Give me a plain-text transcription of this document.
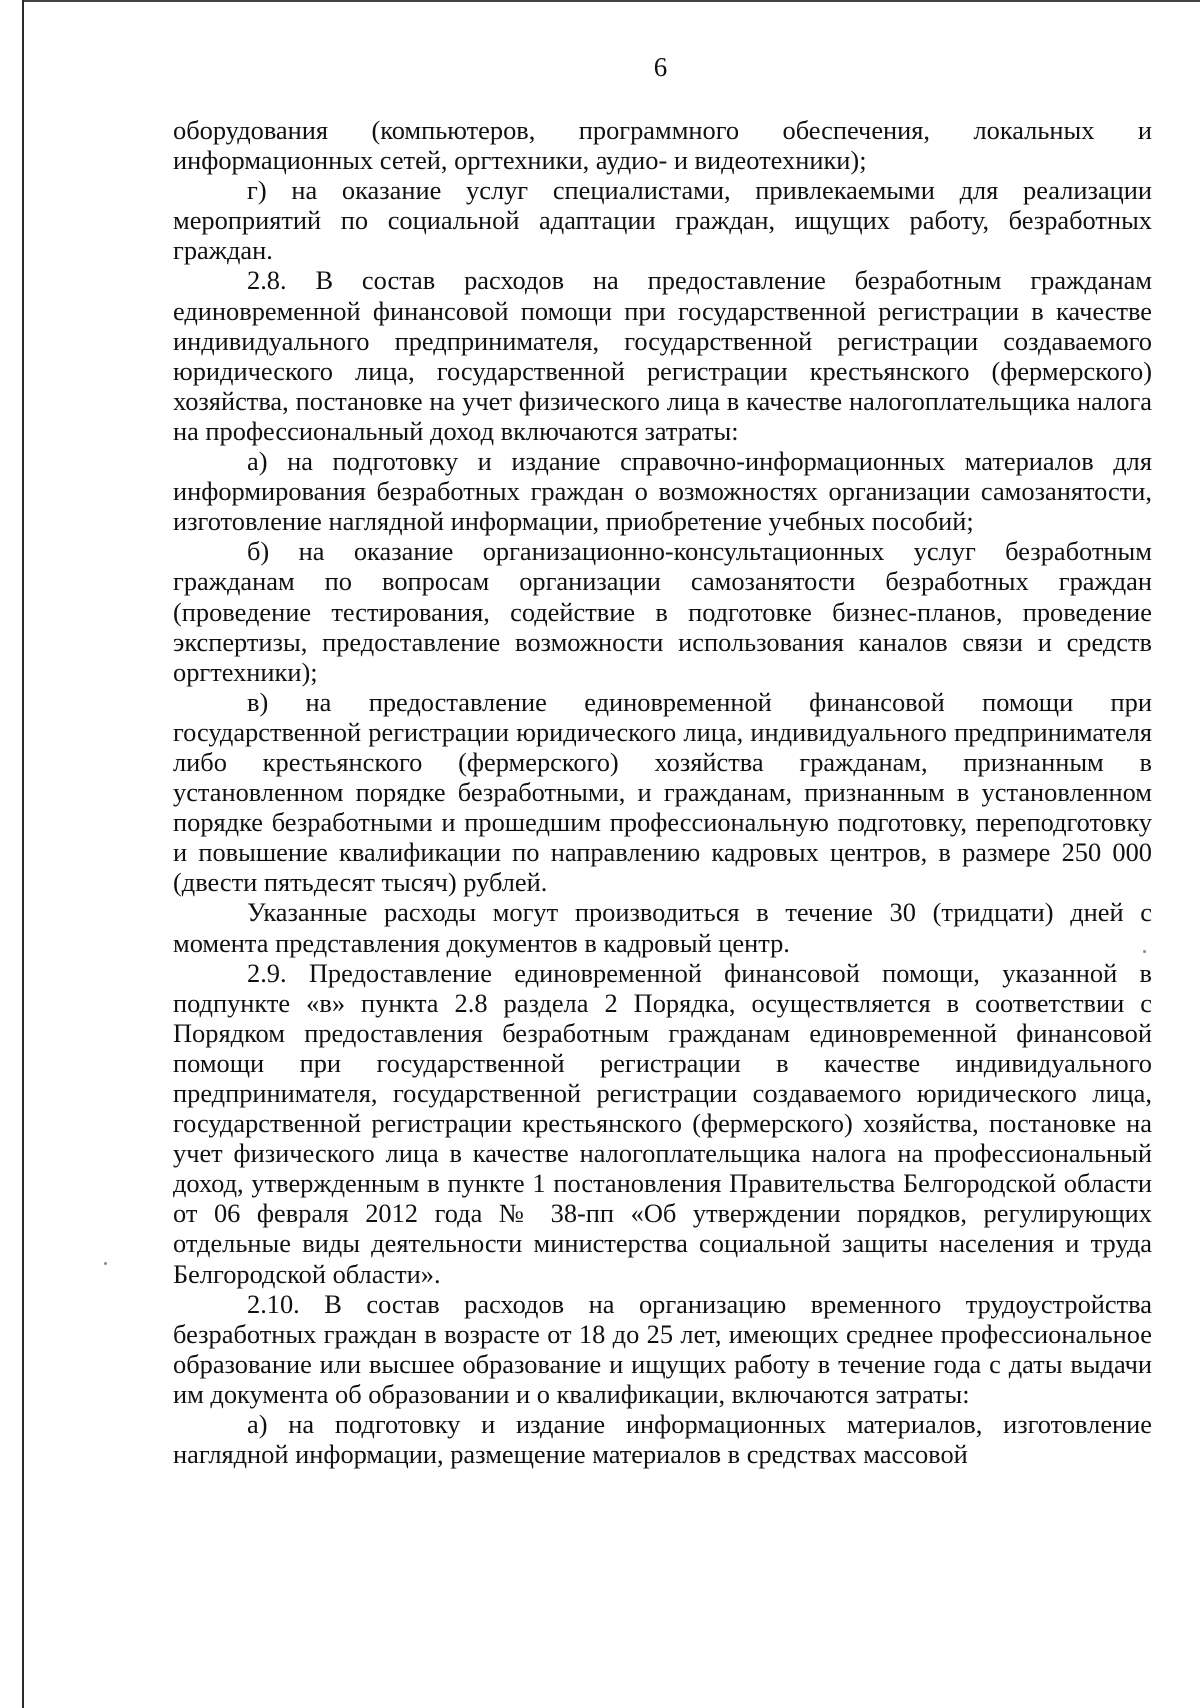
6

оборудования (компьютеров, программного обеспечения, локальных и информационных сетей, оргтехники, аудио- и видеотехники);

г) на оказание услуг специалистами, привлекаемыми для реализации мероприятий по социальной адаптации граждан, ищущих работу, безработных граждан.

2.8. В состав расходов на предоставление безработным гражданам единовременной финансовой помощи при государственной регистрации в качестве индивидуального предпринимателя, государственной регистрации создаваемого юридического лица, государственной регистрации крестьянского (фермерского) хозяйства, постановке на учет физического лица в качестве налогоплательщика налога на профессиональный доход включаются затраты:

а) на подготовку и издание справочно-информационных материалов для информирования безработных граждан о возможностях организации самозанятости, изготовление наглядной информации, приобретение учебных пособий;

б) на оказание организационно-консультационных услуг безработным гражданам по вопросам организации самозанятости безработных граждан (проведение тестирования, содействие в подготовке бизнес-планов, проведение экспертизы, предоставление возможности использования каналов связи и средств оргтехники);

в) на предоставление единовременной финансовой помощи при государственной регистрации юридического лица, индивидуального предпринимателя либо крестьянского (фермерского) хозяйства гражданам, признанным в установленном порядке безработными, и гражданам, признанным в установленном порядке безработными и прошедшим профессиональную подготовку, переподготовку и повышение квалификации по направлению кадровых центров, в размере 250 000 (двести пятьдесят тысяч) рублей.

Указанные расходы могут производиться в течение 30 (тридцати) дней с момента представления документов в кадровый центр.

2.9. Предоставление единовременной финансовой помощи, указанной в подпункте «в» пункта 2.8 раздела 2 Порядка, осуществляется в соответствии с Порядком предоставления безработным гражданам единовременной финансовой помощи при государственной регистрации в качестве индивидуального предпринимателя, государственной регистрации создаваемого юридического лица, государственной регистрации крестьянского (фермерского) хозяйства, постановке на учет физического лица в качестве налогоплательщика налога на профессиональный доход, утвержденным в пункте 1 постановления Правительства Белгородской области от 06 февраля 2012 года № 38-пп «Об утверждении порядков, регулирующих отдельные виды деятельности министерства социальной защиты населения и труда Белгородской области».

2.10. В состав расходов на организацию временного трудоустройства безработных граждан в возрасте от 18 до 25 лет, имеющих среднее профессиональное образование или высшее образование и ищущих работу в течение года с даты выдачи им документа об образовании и о квалификации, включаются затраты:

а) на подготовку и издание информационных материалов, изготовление наглядной информации, размещение материалов в средствах массовой
